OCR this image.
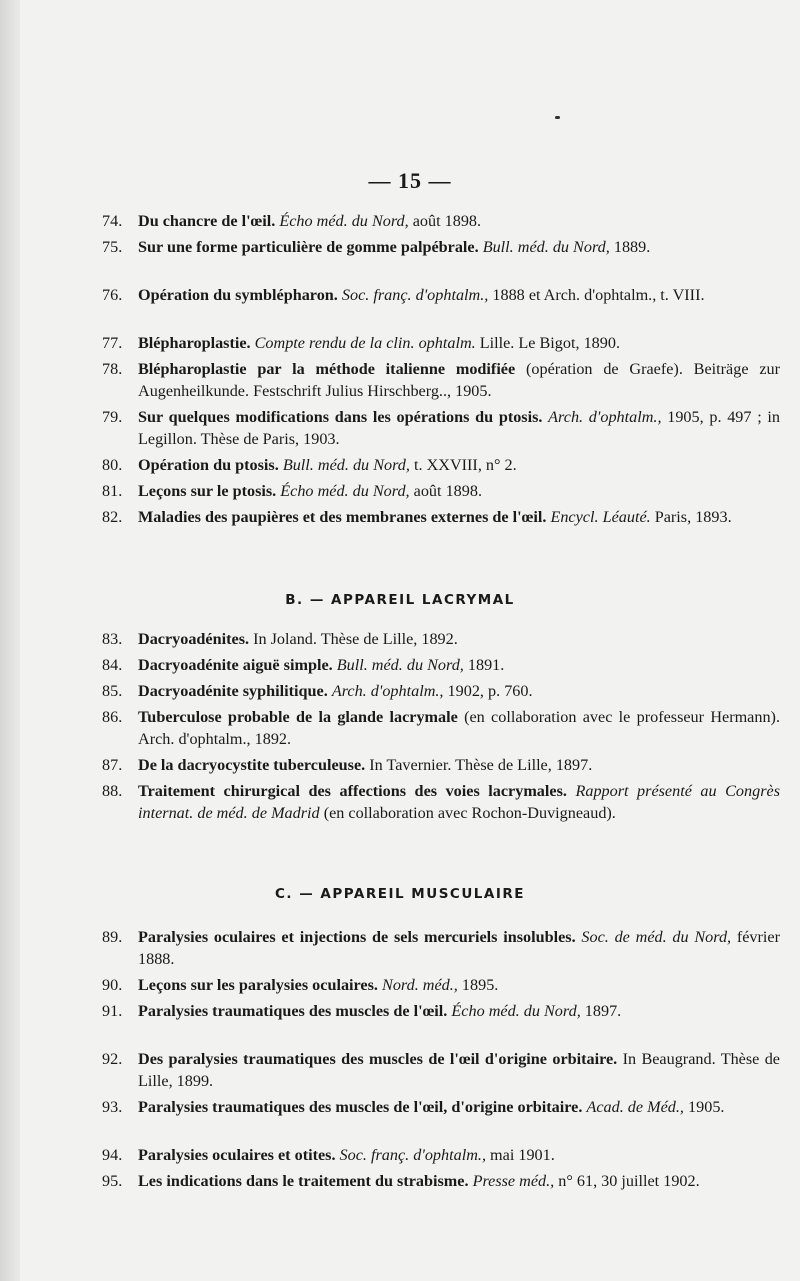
— 15 —
74. Du chancre de l'œil. Écho méd. du Nord, août 1898.
75. Sur une forme particulière de gomme palpébrale. Bull. méd. du Nord, 1889.
76. Opération du symblépharon. Soc. franç. d'ophtalm., 1888 et Arch. d'ophtalm., t. VIII.
77. Blépharoplastie. Compte rendu de la clin. ophtalm. Lille. Le Bigot, 1890.
78. Blépharoplastie par la méthode italienne modifiée (opération de Graefe). Beiträge zur Augenheilkunde. Festschrift Julius Hirschberg.., 1905.
79. Sur quelques modifications dans les opérations du ptosis. Arch. d'ophtalm., 1905, p. 497 ; in Legillon. Thèse de Paris, 1903.
80. Opération du ptosis. Bull. méd. du Nord, t. XXVIII, n° 2.
81. Leçons sur le ptosis. Écho méd. du Nord, août 1898.
82. Maladies des paupières et des membranes externes de l'œil. Encycl. Léauté. Paris, 1893.
B. — APPAREIL LACRYMAL
83. Dacryoadénites. In Joland. Thèse de Lille, 1892.
84. Dacryoadénite aiguë simple. Bull. méd. du Nord, 1891.
85. Dacryoadénite syphilitique. Arch. d'ophtalm., 1902, p. 760.
86. Tuberculose probable de la glande lacrymale (en collaboration avec le professeur Hermann). Arch. d'ophtalm., 1892.
87. De la dacryocystite tuberculeuse. In Tavernier. Thèse de Lille, 1897.
88. Traitement chirurgical des affections des voies lacrymales. Rapport présenté au Congrès internat. de méd. de Madrid (en collaboration avec Rochon-Duvigneaud).
C. — APPAREIL MUSCULAIRE
89. Paralysies oculaires et injections de sels mercuriels insolubles. Soc. de méd. du Nord, février 1888.
90. Leçons sur les paralysies oculaires. Nord. méd., 1895.
91. Paralysies traumatiques des muscles de l'œil. Écho méd. du Nord, 1897.
92. Des paralysies traumatiques des muscles de l'œil d'origine orbitaire. In Beaugrand. Thèse de Lille, 1899.
93. Paralysies traumatiques des muscles de l'œil, d'origine orbitaire. Acad. de Méd., 1905.
94. Paralysies oculaires et otites. Soc. franç. d'ophtalm., mai 1901.
95. Les indications dans le traitement du strabisme. Presse méd., n° 61, 30 juillet 1902.
